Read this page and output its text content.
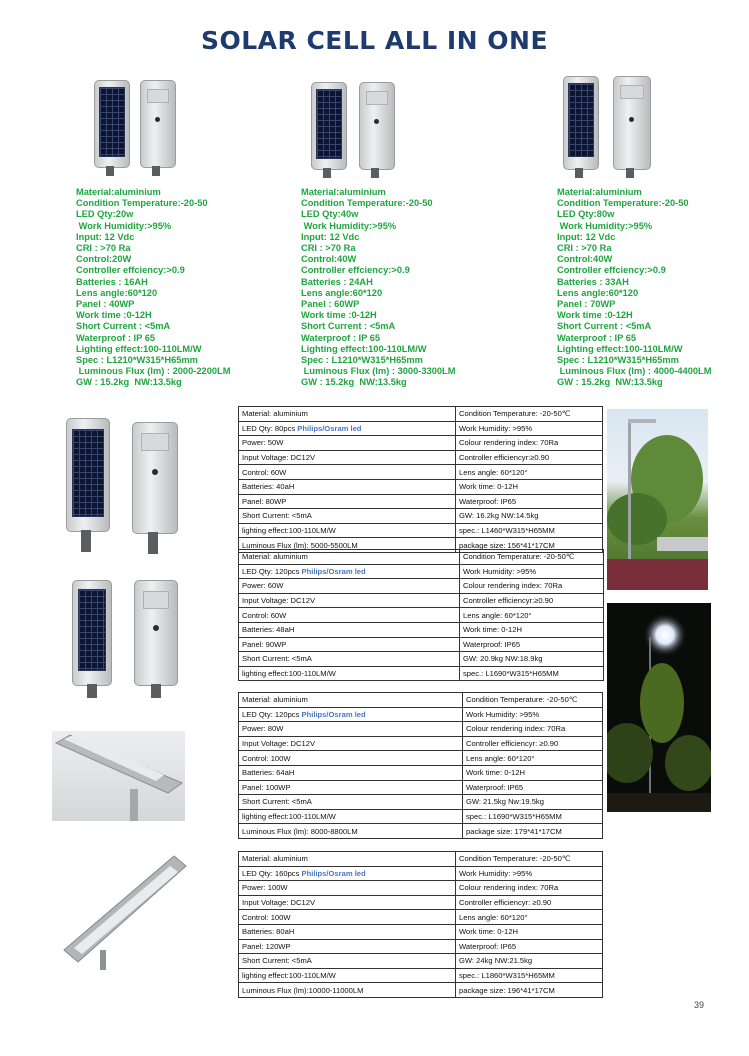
SOLAR CELL ALL IN ONE
Material:aluminium
Condition Temperature:-20-50
LED Qty:20w
Work Humidity:>95%
Input: 12 Vdc
CRI : >70 Ra
Control:20W
Controller effciency:>0.9
Batteries : 16AH
Lens angle:60*120
Panel : 40WP
Work time :0-12H
Short Current : <5mA
Waterproof : IP 65
Lighting effect:100-110LM/W
Spec : L1210*W315*H65mm
Luminous Flux (lm) : 2000-2200LM
GW : 15.2kg  NW:13.5kg
Material:aluminium
Condition Temperature:-20-50
LED Qty:40w
Work Humidity:>95%
Input: 12 Vdc
CRI : >70 Ra
Control:40W
Controller effciency:>0.9
Batteries : 24AH
Lens angle:60*120
Panel : 60WP
Work time :0-12H
Short Current : <5mA
Waterproof : IP 65
Lighting effect:100-110LM/W
Spec : L1210*W315*H65mm
Luminous Flux (lm) : 3000-3300LM
GW : 15.2kg  NW:13.5kg
Material:aluminium
Condition Temperature:-20-50
LED Qty:80w
Work Humidity:>95%
Input: 12 Vdc
CRI : >70 Ra
Control:40W
Controller effciency:>0.9
Batteries : 33AH
Lens angle:60*120
Panel : 70WP
Work time :0-12H
Short Current : <5mA
Waterproof : IP 65
Lighting effect:100-110LM/W
Spec : L1210*W315*H65mm
Luminous Flux (lm) : 4000-4400LM
GW : 15.2kg  NW:13.5kg
Material: aluminium	Condition Temperature: -20-50℃
LED Qty: 80pcs Philips/Osram led	Work Humidity: >95%
Power: 50W	Colour rendering index: 70Ra
Input Voltage: DC12V	Controller efficiencyr:≥0.90
Control: 60W	Lens angle: 60*120°
Batteries: 40aH	Work time: 0-12H
Panel: 80WP	Waterproof: IP65
Short Current: <5mA	GW: 16.2kg NW:14.5kg
lighting effect:100-110LM/W	spec.: L1460*W315*H65MM
Luminous Flux (lm): 5000-5500LM	package size: 156*41*17CM
Material: aluminium	Condition Temperature: -20-50℃
LED Qty: 120pcs Philips/Osram led	Work Humidity: >95%
Power: 60W	Colour rendering index: 70Ra
Input Voltage: DC12V	Controller efficiencyr:≥0.90
Control: 60W	Lens angle: 60*120°
Batteries: 48aH	Work time: 0-12H
Panel: 90WP	Waterproof: IP65
Short Current: <5mA	GW: 20.9kg NW:18.9kg
lighting effect:100-110LM/W	spec.: L1690*W315*H65MM
Material: aluminium	Condition Temperature: -20-50℃
LED Qty: 120pcs Philips/Osram led	Work Humidity: >95%
Power: 80W	Colour rendering index: 70Ra
Input Voltage: DC12V	Controller efficiencyr: ≥0.90
Control: 100W	Lens angle: 60*120°
Batteries: 64aH	Work time: 0-12H
Panel: 100WP	Waterproof: IP65
Short Current: <5mA	GW: 21.5kg Nw:19.5kg
lighting effect:100-110LM/W	spec.: L1690*W315*H65MM
Luminous Flux (lm): 8000-8800LM	package size: 179*41*17CM
Material: aluminium	Condition Temperature: -20-50℃
LED Qty: 160pcs Philips/Osram led	Work Humidity: >95%
Power: 100W	Colour rendering index: 70Ra
Input Voltage: DC12V	Controller efficiencyr: ≥0.90
Control: 100W	Lens angle: 60*120°
Batteries: 80aH	Work time: 0-12H
Panel: 120WP	Waterproof: IP65
Short Current: <5mA	GW: 24kg NW:21.5kg
lighting effect:100-110LM/W	spec.: L1860*W315*H65MM
Luminous Flux (lm):10000-11000LM	package size: 196*41*17CM
39
